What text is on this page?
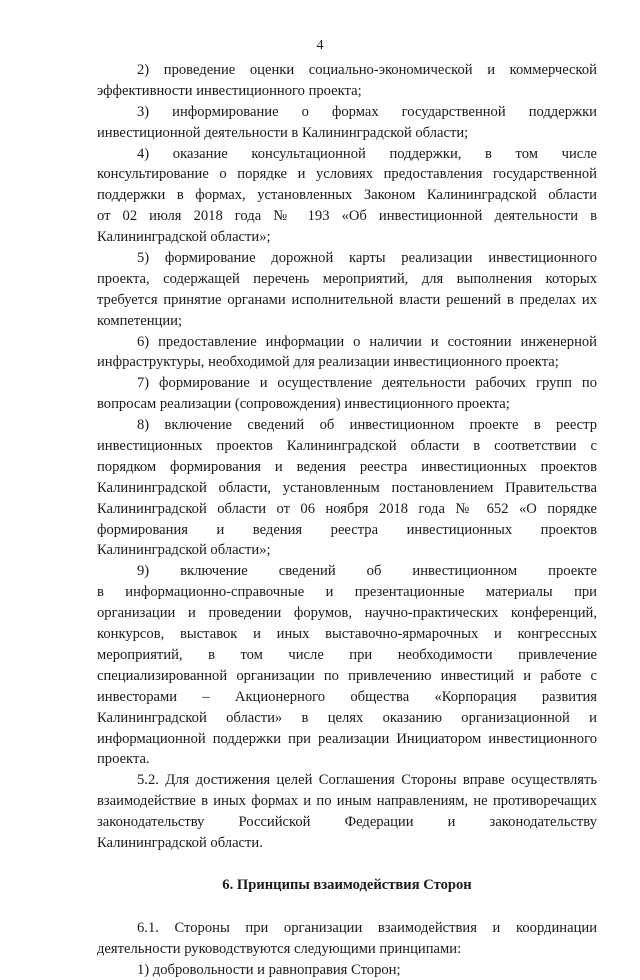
4
2) проведение оценки социально-экономической и коммерческой
эффективности инвестиционного проекта;
3) информирование о формах государственной поддержки
инвестиционной деятельности в Калининградской области;
4) оказание консультационной поддержки, в том числе
консультирование о порядке и условиях предоставления государственной
поддержки в формах, установленных Законом Калининградской области
от 02 июля 2018 года № 193 «Об инвестиционной деятельности в
Калининградской области»;
5) формирование дорожной карты реализации инвестиционного
проекта, содержащей перечень мероприятий, для выполнения которых
требуется принятие органами исполнительной власти решений в пределах их
компетенции;
6) предоставление информации о наличии и состоянии инженерной
инфраструктуры, необходимой для реализации инвестиционного проекта;
7) формирование и осуществление деятельности рабочих групп по
вопросам реализации (сопровождения) инвестиционного проекта;
8) включение сведений об инвестиционном проекте в реестр
инвестиционных проектов Калининградской области в соответствии с
порядком формирования и ведения реестра инвестиционных проектов
Калининградской области, установленным постановлением Правительства
Калининградской области от 06 ноября 2018 года № 652 «О порядке
формирования и ведения реестра инвестиционных проектов
Калининградской области»;
9) включение сведений об инвестиционном проекте
в информационно-справочные и презентационные материалы при
организации и проведении форумов, научно-практических конференций,
конкурсов, выставок и иных выставочно-ярмарочных и конгрессных
мероприятий, в том числе при необходимости привлечение
специализированной организации по привлечению инвестиций и работе с
инвесторами – Акционерного общества «Корпорация развития
Калининградской области» в целях оказанию организационной и
информационной поддержки при реализации Инициатором инвестиционного
проекта.
5.2. Для достижения целей Соглашения Стороны вправе осуществлять
взаимодействие в иных формах и по иным направлениям, не противоречащих
законодательству Российской Федерации и законодательству
Калининградской области.
6. Принципы взаимодействия Сторон
6.1. Стороны при организации взаимодействия и координации
деятельности руководствуются следующими принципами:
1) добровольности и равноправия Сторон;
